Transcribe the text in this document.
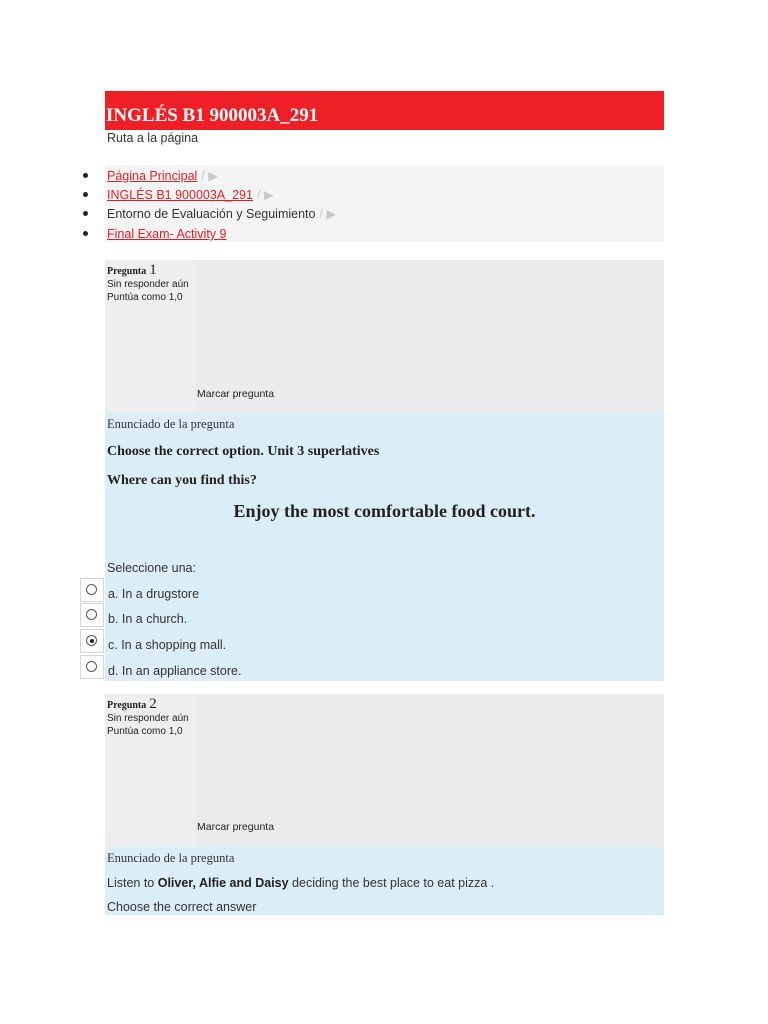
INGLÉS B1 900003A_291
Ruta a la página
Página Principal / ▶
INGLÉS B1 900003A_291 / ▶
Entorno de Evaluación y Seguimiento / ▶
Final Exam- Activity 9
Pregunta 1
Sin responder aún
Puntúa como 1,0
Marcar pregunta
Enunciado de la pregunta
Choose the correct option. Unit 3 superlatives
Where can you find this?
Enjoy the most comfortable food court.
Seleccione una:
a. In a drugstore
b. In a church.
c. In a shopping mall.
d. In an appliance store.
Pregunta 2
Sin responder aún
Puntúa como 1,0
Marcar pregunta
Enunciado de la pregunta
Listen to Oliver, Alfie and Daisy deciding the best place to eat pizza .
Choose the correct answer
